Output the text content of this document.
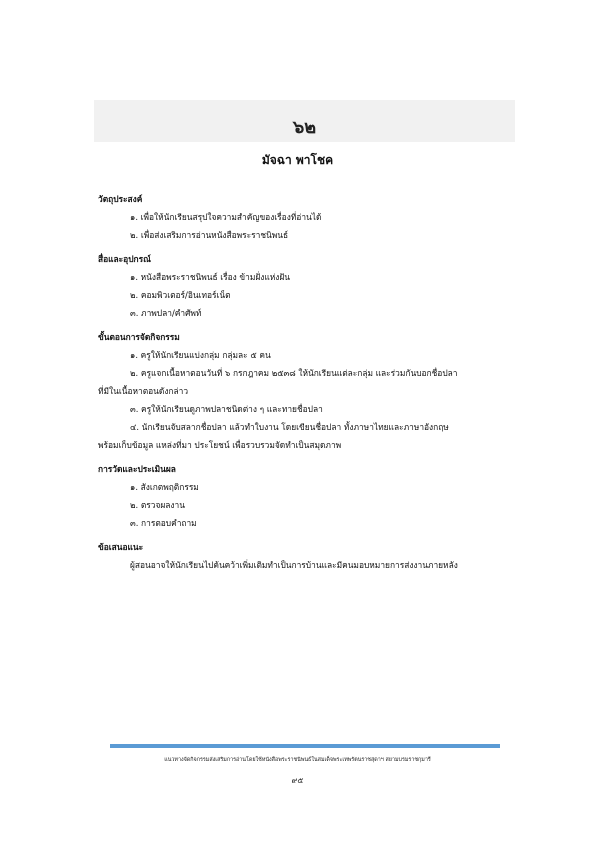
๖๒
มัจฉา พาโชค
วัตถุประสงค์
๑. เพื่อให้นักเรียนสรุปใจความสำคัญของเรื่องที่อ่านได้
๒. เพื่อส่งเสริมการอ่านหนังสือพระราชนิพนธ์
สื่อและอุปกรณ์
๑. หนังสือพระราชนิพนธ์ เรื่อง ข้ามฝั่งแห่งฝัน
๒. คอมพิวเตอร์/อินเทอร์เน็ต
๓. ภาพปลา/คำศัพท์
ขั้นตอนการจัดกิจกรรม
๑. ครูให้นักเรียนแบ่งกลุ่ม กลุ่มละ ๕ คน
๒. ครูแจกเนื้อหาตอนวันที่ ๖ กรกฎาคม ๒๕๓๘ ให้นักเรียนแต่ละกลุ่ม และร่วมกันบอกชื่อปลา
ที่มีในเนื้อหาตอนดังกล่าว
๓. ครูให้นักเรียนดูภาพปลาชนิดต่าง ๆ และทายชื่อปลา
๔. นักเรียนจับสลากชื่อปลา แล้วทำใบงาน โดยเขียนชื่อปลา ทั้งภาษาไทยและภาษาอังกฤษ
พร้อมเก็บข้อมูล แหล่งที่มา ประโยชน์ เพื่อรวบรวมจัดทำเป็นสมุดภาพ
การวัดและประเมินผล
๑. สังเกตพฤติกรรม
๒. ตรวจผลงาน
๓. การตอบคำถาม
ข้อเสนอแนะ
ผู้สอนอาจให้นักเรียนไปค้นคว้าเพิ่มเติมทำเป็นการบ้านและมีคนมอบหมายการส่งงานภายหลัง
แนวทางจัดกิจกรรมส่งเสริมการอ่านโดยใช้หนังสือพระราชนิพนธ์ในสมเด็จพระเทพรัตนราชสุดาฯ สยามบรมราชกุมารี
๙๕
